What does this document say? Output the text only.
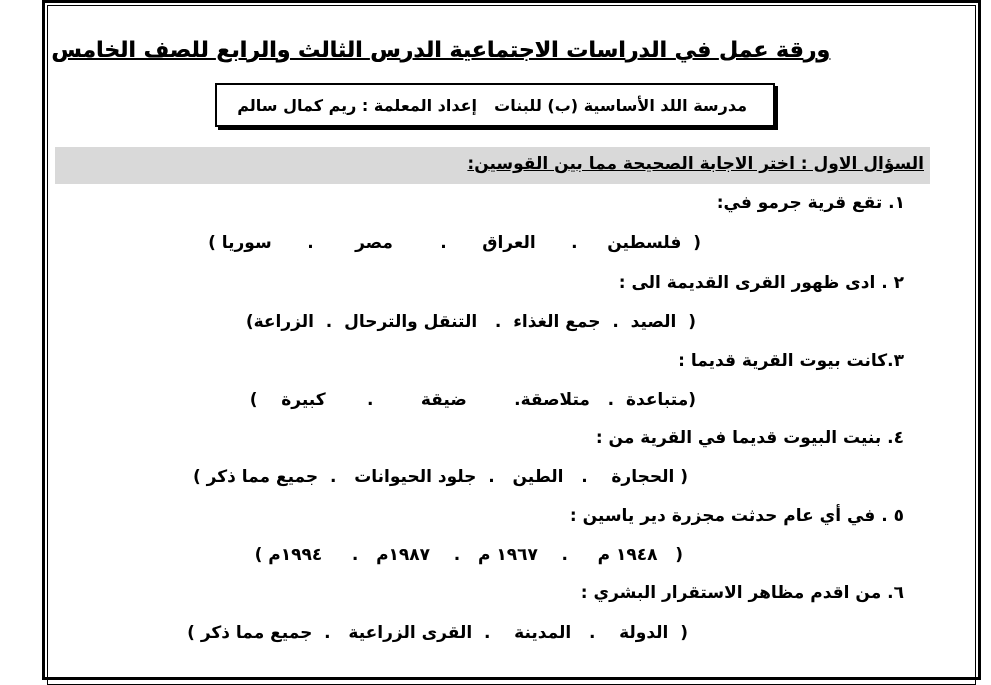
ورقة عمل في الدراسات الاجتماعية الدرس الثالث والرابع للصف الخامس
مدرسة اللد الأساسية (ب) للبنات
إعداد المعلمة : ريم كمال سالم
السؤال الاول : اختر الاجابة الصحيحة مما بين القوسين:
١. تقع قرية جرمو في:
(  فلسطين     .      العراق      .        مصر       .      سوريا )
٢ . ادى ظهور القرى القديمة الى :
(  الصيد  .  جمع الغذاء  .   التنقل والترحال  .  الزراعة)
٣.كانت بيوت القرية قديما :
(متباعدة  .   متلاصقة.        ضيقة        .       كبيرة    )
٤. بنيت البيوت قديما في القرية من :
( الحجارة    .   الطين   .  جلود الحيوانات   .  جميع مما ذكر )
٥ . في أي عام حدثت مجزرة دير ياسين :
(   ١٩٤٨ م     .    ١٩٦٧ م   .    ١٩٨٧م   .     ١٩٩٤م )
٦. من اقدم مظاهر الاستقرار البشري :
(  الدولة    .   المدينة    .  القرى الزراعية   .  جميع مما ذكر )
